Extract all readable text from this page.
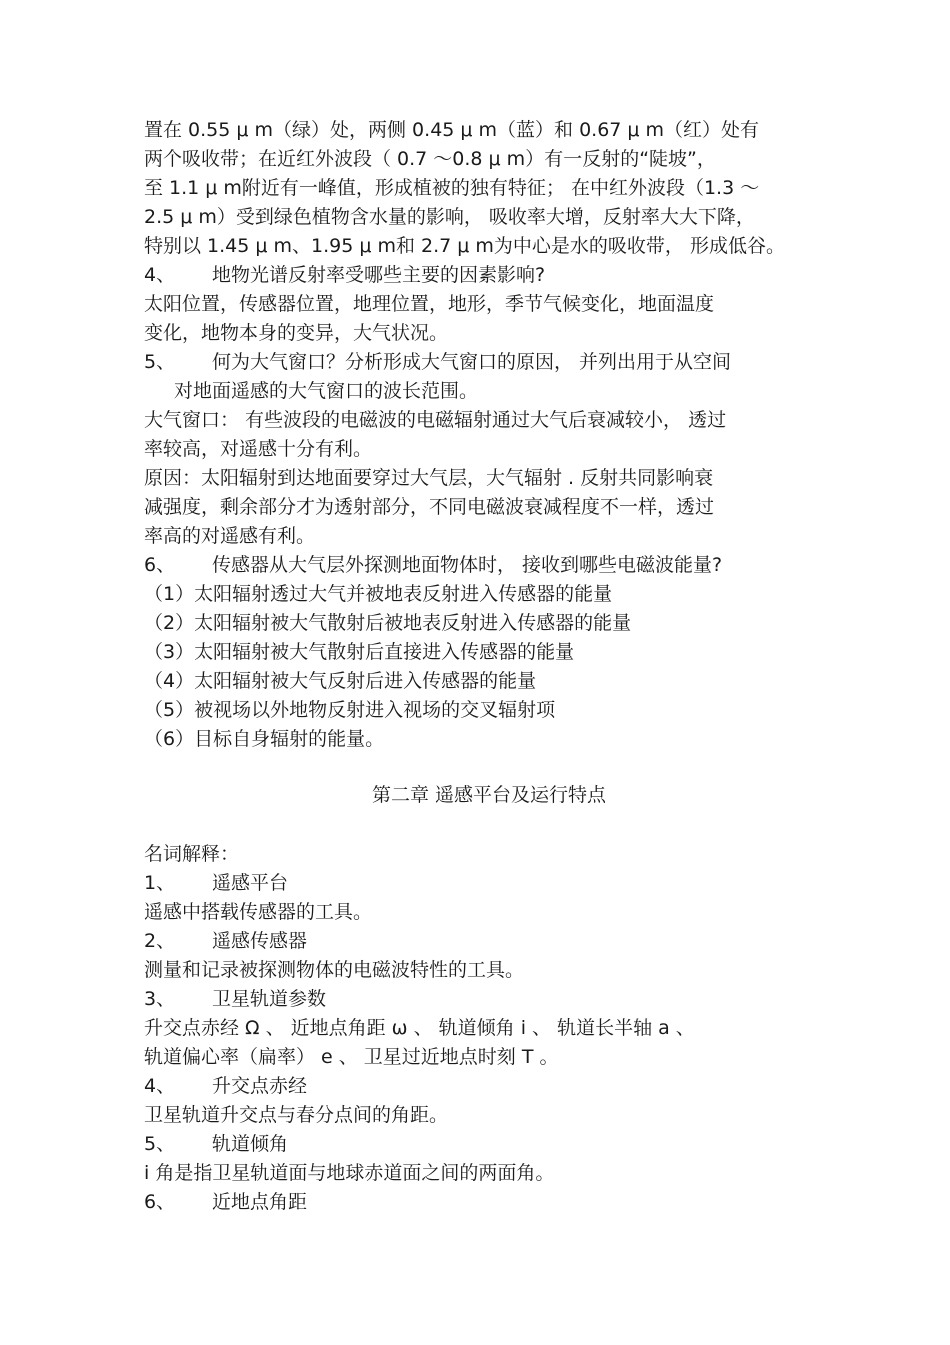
置在 0.55 μ m（绿）处，两侧 0.45 μ m（蓝）和 0.67 μ m（红）处有
两个吸收带；在近红外波段（ 0.7 ～0.8 μ m）有一反射的“陡坡”，
至 1.1 μ m附近有一峰值，形成植被的独有特征； 在中红外波段（1.3 ～
2.5 μ m）受到绿色植物含水量的影响， 吸收率大增，反射率大大下降，
特别以 1.45 μ m、1.95 μ m和 2.7 μ m为中心是水的吸收带， 形成低谷。
4、 地物光谱反射率受哪些主要的因素影响?
太阳位置，传感器位置，地理位置，地形，季节气候变化，地面温度
变化，地物本身的变异，大气状况。
5、 何为大气窗口？分析形成大气窗口的原因， 并列出用于从空间
对地面遥感的大气窗口的波长范围。
大气窗口： 有些波段的电磁波的电磁辐射通过大气后衰减较小， 透过
率较高，对遥感十分有利。
原因：太阳辐射到达地面要穿过大气层，大气辐射 . 反射共同影响衰
减强度，剩余部分才为透射部分，不同电磁波衰减程度不一样，透过
率高的对遥感有利。
6、 传感器从大气层外探测地面物体时， 接收到哪些电磁波能量?
（1）太阳辐射透过大气并被地表反射进入传感器的能量
（2）太阳辐射被大气散射后被地表反射进入传感器的能量
（3）太阳辐射被大气散射后直接进入传感器的能量
（4）太阳辐射被大气反射后进入传感器的能量
（5）被视场以外地物反射进入视场的交叉辐射项
（6）目标自身辐射的能量。
第二章 遥感平台及运行特点
名词解释：
1、 遥感平台
遥感中搭载传感器的工具。
2、 遥感传感器
测量和记录被探测物体的电磁波特性的工具。
3、 卫星轨道参数
升交点赤经 Ω 、 近地点角距 ω 、 轨道倾角 i 、 轨道长半轴 a 、
轨道偏心率（扁率） e 、 卫星过近地点时刻 T 。
4、 升交点赤经
卫星轨道升交点与春分点间的角距。
5、 轨道倾角
i 角是指卫星轨道面与地球赤道面之间的两面角。
6、 近地点角距
